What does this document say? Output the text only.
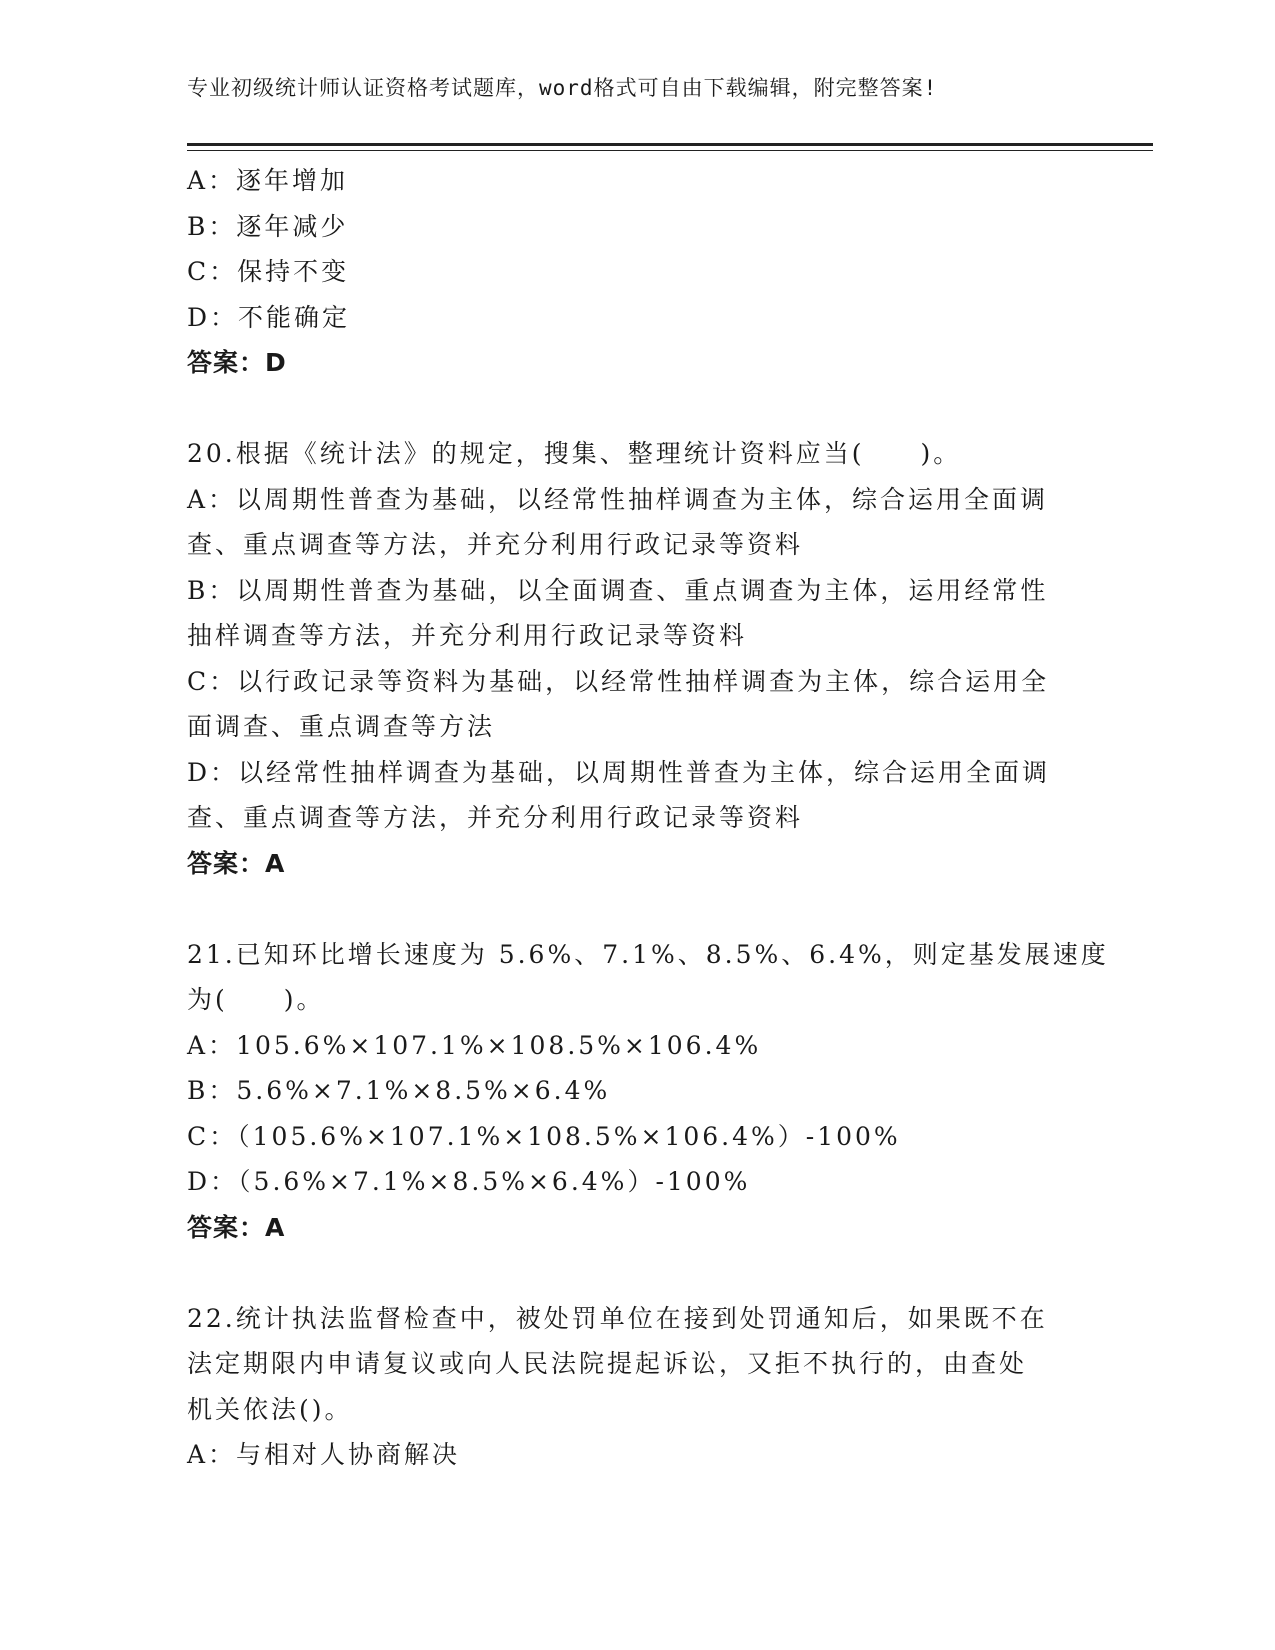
专业初级统计师认证资格考试题库，word格式可自由下载编辑，附完整答案!

A：逐年增加

B：逐年减少

C：保持不变

D：不能确定

答案：D

20.根据《统计法》的规定，搜集、整理统计资料应当(　　)。

A：以周期性普查为基础，以经常性抽样调查为主体，综合运用全面调

查、重点调查等方法，并充分利用行政记录等资料

B：以周期性普查为基础，以全面调查、重点调查为主体，运用经常性

抽样调查等方法，并充分利用行政记录等资料

C：以行政记录等资料为基础，以经常性抽样调查为主体，综合运用全

面调查、重点调查等方法

D：以经常性抽样调查为基础，以周期性普查为主体，综合运用全面调

查、重点调查等方法，并充分利用行政记录等资料

答案：A

21.已知环比增长速度为 5.6%、7.1%、8.5%、6.4%，则定基发展速度

为(　　)。

A：105.6%×107.1%×108.5%×106.4%

B：5.6%×7.1%×8.5%×6.4%

C：（105.6%×107.1%×108.5%×106.4%）-100%

D：（5.6%×7.1%×8.5%×6.4%）-100%

答案：A

22.统计执法监督检查中，被处罚单位在接到处罚通知后，如果既不在

法定期限内申请复议或向人民法院提起诉讼，又拒不执行的，由查处

机关依法()。

A：与相对人协商解决
